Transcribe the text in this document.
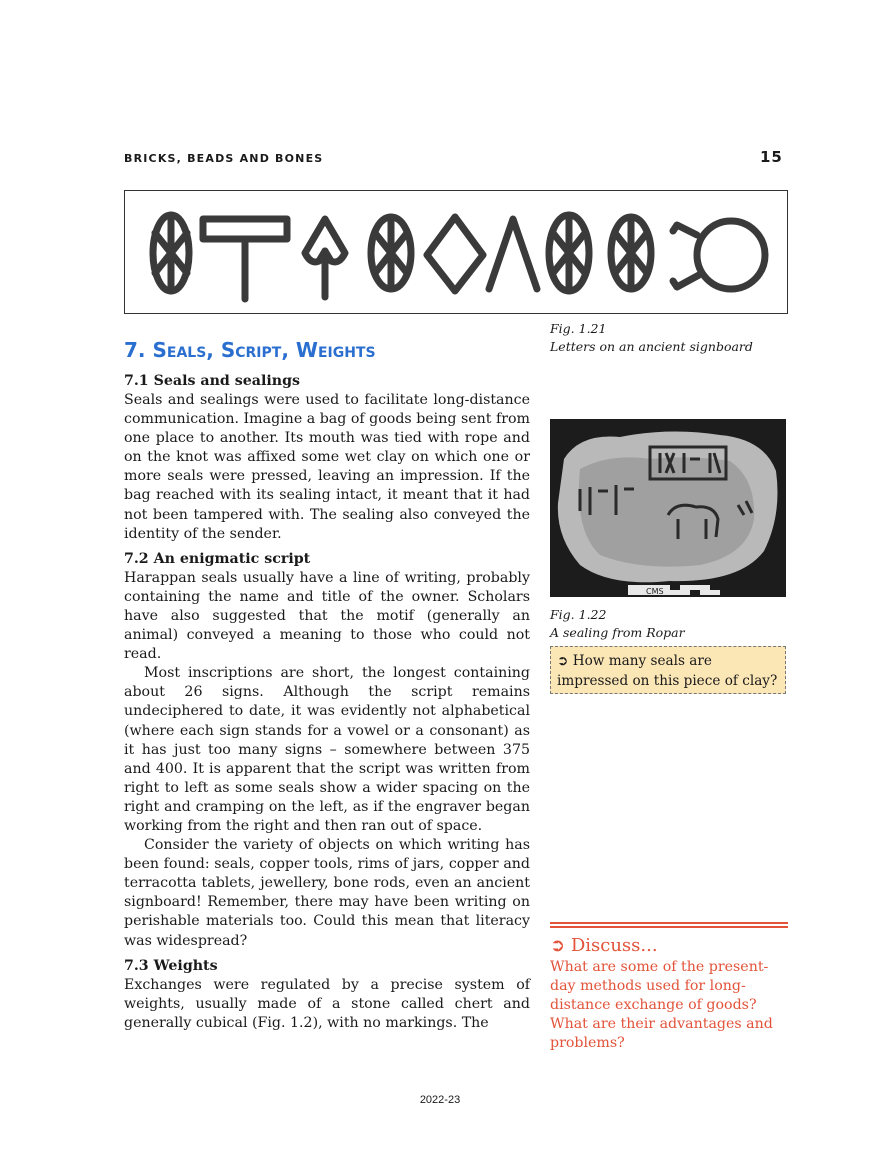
BRICKS, BEADS AND BONES	15
Fig. 1.21
Letters on an ancient signboard
7. Seals, Script, Weights
7.1 Seals and sealings

Seals and sealings were used to facilitate long-distance communication. Imagine a bag of goods being sent from one place to another. Its mouth was tied with rope and on the knot was affixed some wet clay on which one or more seals were pressed, leaving an impression. If the bag reached with its sealing intact, it meant that it had not been tampered with. The sealing also conveyed the identity of the sender.

7.2 An enigmatic script

Harappan seals usually have a line of writing, probably containing the name and title of the owner. Scholars have also suggested that the motif (generally an animal) conveyed a meaning to those who could not read.

Most inscriptions are short, the longest containing about 26 signs. Although the script remains undeciphered to date, it was evidently not alphabetical (where each sign stands for a vowel or a consonant) as it has just too many signs – somewhere between 375 and 400. It is apparent that the script was written from right to left as some seals show a wider spacing on the right and cramping on the left, as if the engraver began working from the right and then ran out of space.

Consider the variety of objects on which writing has been found: seals, copper tools, rims of jars, copper and terracotta tablets, jewellery, bone rods, even an ancient signboard! Remember, there may have been writing on perishable materials too. Could this mean that literacy was widespread?

7.3 Weights

Exchanges were regulated by a precise system of weights, usually made of a stone called chert and generally cubical (Fig. 1.2), with no markings. The

CMS
Fig. 1.22
A sealing from Ropar
➲ How many seals are impressed on this piece of clay?
➲ Discuss...
What are some of the present-day methods used for long-distance exchange of goods? What are their advantages and problems?
2022-23
